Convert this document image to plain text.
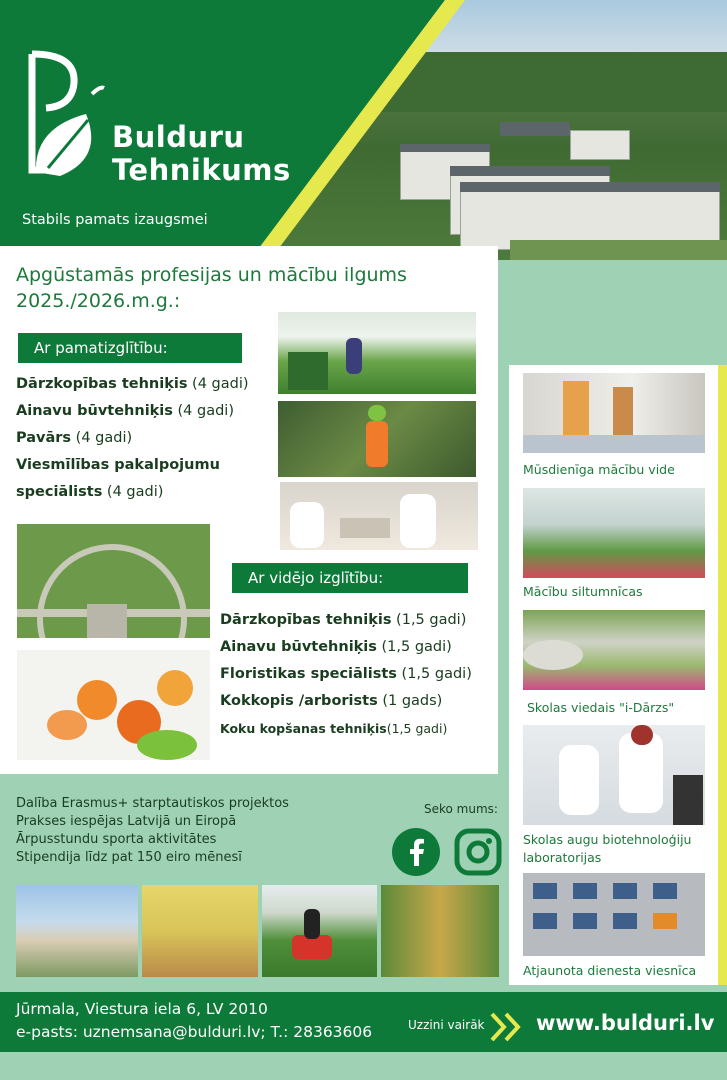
Bulduru
Tehnikums
Stabils pamats izaugsmei
Apgūstamās profesijas un mācību ilgums
2025./2026.m.g.:
Ar pamatizglītību:
Dārzkopības tehniķis (4 gadi)
Ainavu būvtehniķis (4 gadi)
Pavārs (4 gadi)
Viesmīlības pakalpojumu
speciālists (4 gadi)
Ar vidējo izglītību:
Dārzkopības tehniķis (1,5 gadi)
Ainavu būvtehniķis (1,5 gadi)
Floristikas speciālists (1,5 gadi)
Kokkopis /arborists (1 gads)
Koku kopšanas tehniķis(1,5 gadi)
Mūsdienīga mācību vide
Mācību siltumnīcas
Skolas viedais "i-Dārzs"
Skolas augu biotehnoloģiju laboratorijas
Atjaunota dienesta viesnīca
Dalība Erasmus+ starptautiskos projektos
Prakses iespējas Latvijā un Eiropā
Ārpusstundu sporta aktivitātes
Stipendija līdz pat 150 eiro mēnesī
Seko mums:
Jūrmala, Viestura iela 6, LV 2010
e-pasts: uznemsana@bulduri.lv; T.: 28363606	Uzzini vairāk www.bulduri.lv
